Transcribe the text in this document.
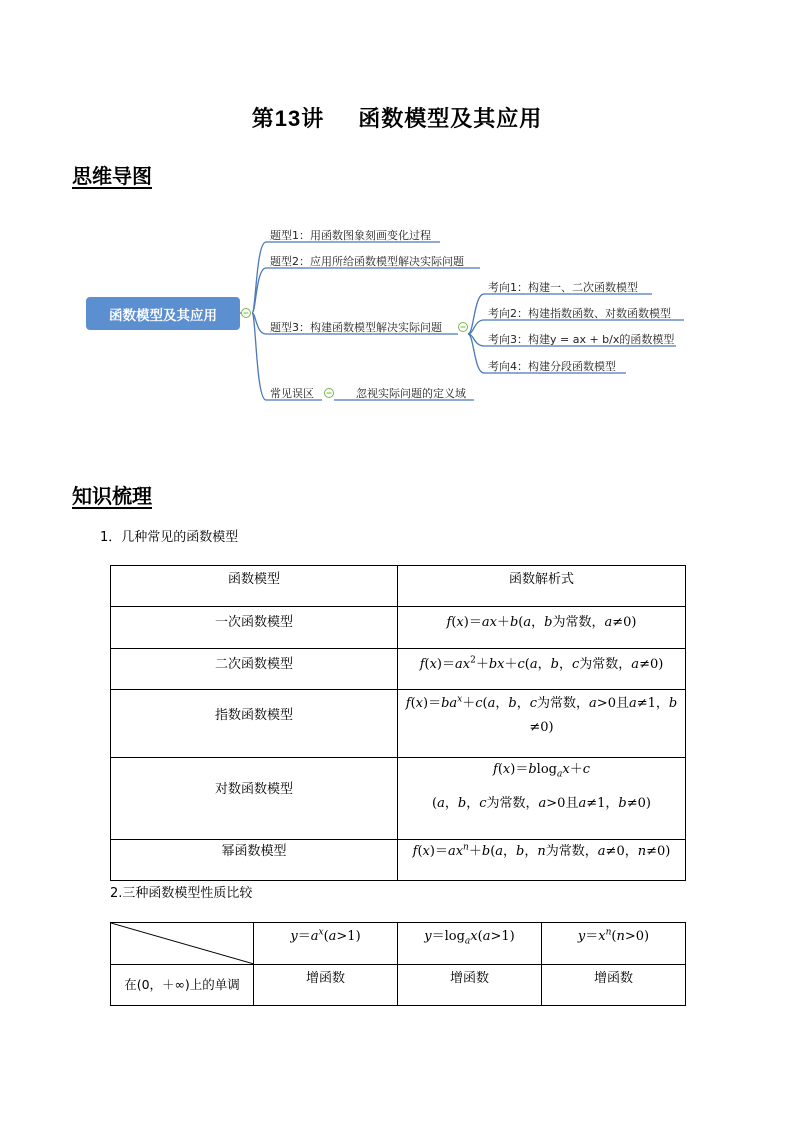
第13讲 函数模型及其应用
思维导图
函数模型及其应用
题型1：用函数图象刻画变化过程
题型2：应用所给函数模型解决实际问题
题型3：构建函数模型解决实际问题
常见误区
考向1：构建一、二次函数模型
考向2：构建指数函数、对数函数模型
考向3：构建y = ax + b/x的函数模型
考向4：构建分段函数模型
忽视实际问题的定义域
知识梳理
1．几种常见的函数模型
函数模型	函数解析式
一次函数模型	f(x)＝ax＋b(a，b为常数，a≠0)
二次函数模型	$f(x)=ax^2+bx+c(a$，b，c为常数，a≠0)
指数函数模型	$f(x)=ba^x+c(a$，b，c为常数，a>0且a≠1，b
≠0)
对数函数模型	f(x)＝blog$_a$x＋c
(a，b，c为常数，a>0且a≠1，b≠0)
幂函数模型	$f(x)=ax^n+b(a$，b，n为常数，a≠0，n≠0)
2.三种函数模型性质比较
	$y=a^x(a>1)$	$y=\log_ax(a>1)$	$y=x^n(n>0)$
在(0，＋∞)上的单调	增函数	增函数	增函数
